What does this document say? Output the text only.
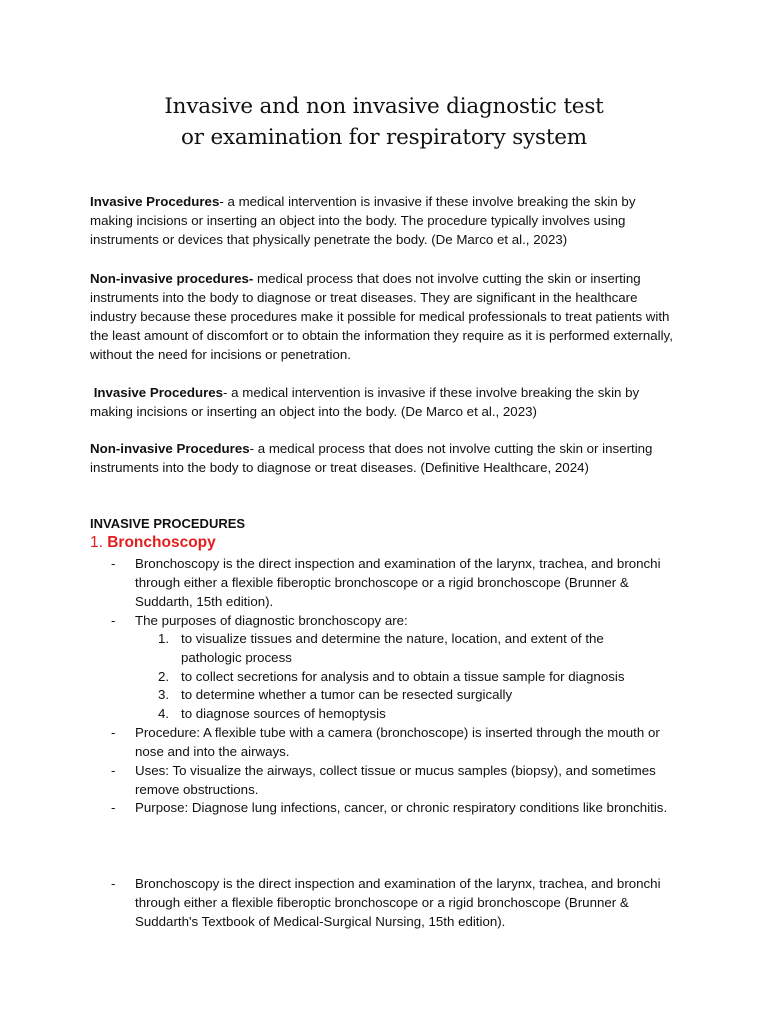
Invasive and non invasive diagnostic test
or examination for respiratory system

Invasive Procedures- a medical intervention is invasive if these involve breaking the skin by making incisions or inserting an object into the body. The procedure typically involves using instruments or devices that physically penetrate the body. (De Marco et al., 2023)

Non-invasive procedures- medical process that does not involve cutting the skin or inserting instruments into the body to diagnose or treat diseases. They are significant in the healthcare industry because these procedures make it possible for medical professionals to treat patients with the least amount of discomfort or to obtain the information they require as it is performed externally, without the need for incisions or penetration.

Invasive Procedures- a medical intervention is invasive if these involve breaking the skin by making incisions or inserting an object into the body. (De Marco et al., 2023)

Non-invasive Procedures- a medical process that does not involve cutting the skin or inserting instruments into the body to diagnose or treat diseases. (Definitive Healthcare, 2024)

INVASIVE PROCEDURES
1. Bronchoscopy
- Bronchoscopy is the direct inspection and examination of the larynx, trachea, and bronchi through either a flexible fiberoptic bronchoscope or a rigid bronchoscope (Brunner & Suddarth, 15th edition).
- The purposes of diagnostic bronchoscopy are:
1. to visualize tissues and determine the nature, location, and extent of the pathologic process
2. to collect secretions for analysis and to obtain a tissue sample for diagnosis
3. to determine whether a tumor can be resected surgically
4. to diagnose sources of hemoptysis
- Procedure: A flexible tube with a camera (bronchoscope) is inserted through the mouth or nose and into the airways.
- Uses: To visualize the airways, collect tissue or mucus samples (biopsy), and sometimes remove obstructions.
- Purpose: Diagnose lung infections, cancer, or chronic respiratory conditions like bronchitis.
- Bronchoscopy is the direct inspection and examination of the larynx, trachea, and bronchi through either a flexible fiberoptic bronchoscope or a rigid bronchoscope (Brunner & Suddarth's Textbook of Medical-Surgical Nursing, 15th edition).
